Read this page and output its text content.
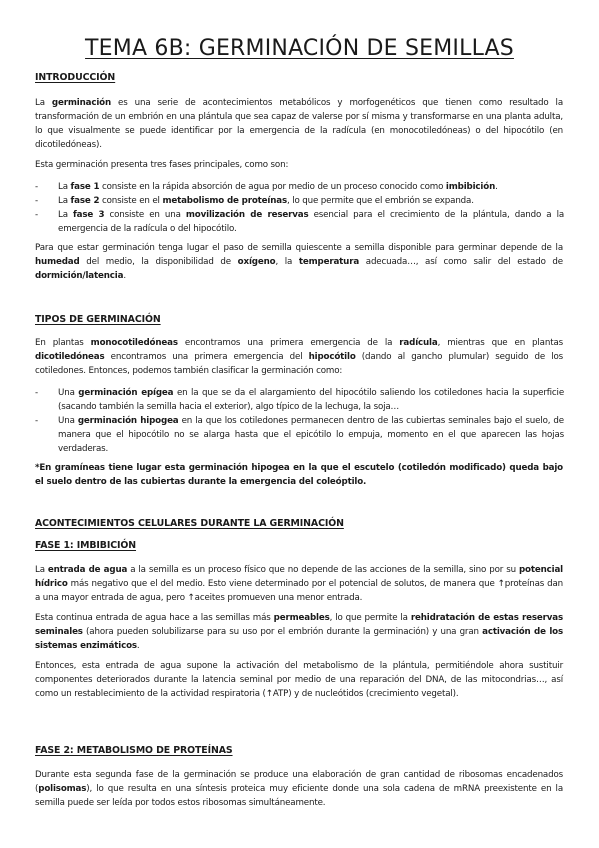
TEMA 6B: GERMINACIÓN DE SEMILLAS
INTRODUCCIÓN

La germinación es una serie de acontecimientos metabólicos y morfogenéticos que tienen como resultado la transformación de un embrión en una plántula que sea capaz de valerse por sí misma y transformarse en una planta adulta, lo que visualmente se puede identificar por la emergencia de la radícula (en monocotiledóneas) o del hipocótilo (en dicotiledóneas).

Esta germinación presenta tres fases principales, como son:

- La fase 1 consiste en la rápida absorción de agua por medio de un proceso conocido como imbibición.
- La fase 2 consiste en el metabolismo de proteínas, lo que permite que el embrión se expanda.
- La fase 3 consiste en una movilización de reservas esencial para el crecimiento de la plántula, dando a la emergencia de la radícula o del hipocótilo.

Para que estar germinación tenga lugar el paso de semilla quiescente a semilla disponible para germinar depende de la humedad del medio, la disponibilidad de oxígeno, la temperatura adecuada…, así como salir del estado de dormición/latencia.

TIPOS DE GERMINACIÓN

En plantas monocotiledóneas encontramos una primera emergencia de la radícula, mientras que en plantas dicotiledóneas encontramos una primera emergencia del hipocótilo (dando al gancho plumular) seguido de los cotiledones. Entonces, podemos también clasificar la germinación como:

- Una germinación epígea en la que se da el alargamiento del hipocótilo saliendo los cotiledones hacia la superficie (sacando también la semilla hacia el exterior), algo típico de la lechuga, la soja…
- Una germinación hipogea en la que los cotiledones permanecen dentro de las cubiertas seminales bajo el suelo, de manera que el hipocótilo no se alarga hasta que el epicótilo lo empuja, momento en el que aparecen las hojas verdaderas.

*En gramíneas tiene lugar esta germinación hipogea en la que el escutelo (cotiledón modificado) queda bajo el suelo dentro de las cubiertas durante la emergencia del coleóptilo.

ACONTECIMIENTOS CELULARES DURANTE LA GERMINACIÓN
FASE 1: IMBIBICIÓN

La entrada de agua a la semilla es un proceso físico que no depende de las acciones de la semilla, sino por su potencial hídrico más negativo que el del medio. Esto viene determinado por el potencial de solutos, de manera que ↑proteínas dan a una mayor entrada de agua, pero ↑aceites promueven una menor entrada.

Esta continua entrada de agua hace a las semillas más permeables, lo que permite la rehidratación de estas reservas seminales (ahora pueden solubilizarse para su uso por el embrión durante la germinación) y una gran activación de los sistemas enzimáticos.

Entonces, esta entrada de agua supone la activación del metabolismo de la plántula, permitiéndole ahora sustituir componentes deteriorados durante la latencia seminal por medio de una reparación del DNA, de las mitocondrias…, así como un restablecimiento de la actividad respiratoria (↑ATP) y de nucleótidos (crecimiento vegetal).

FASE 2: METABOLISMO DE PROTEÍNAS

Durante esta segunda fase de la germinación se produce una elaboración de gran cantidad de ribosomas encadenados (polisomas), lo que resulta en una síntesis proteica muy eficiente donde una sola cadena de mRNA preexistente en la semilla puede ser leída por todos estos ribosomas simultáneamente.
